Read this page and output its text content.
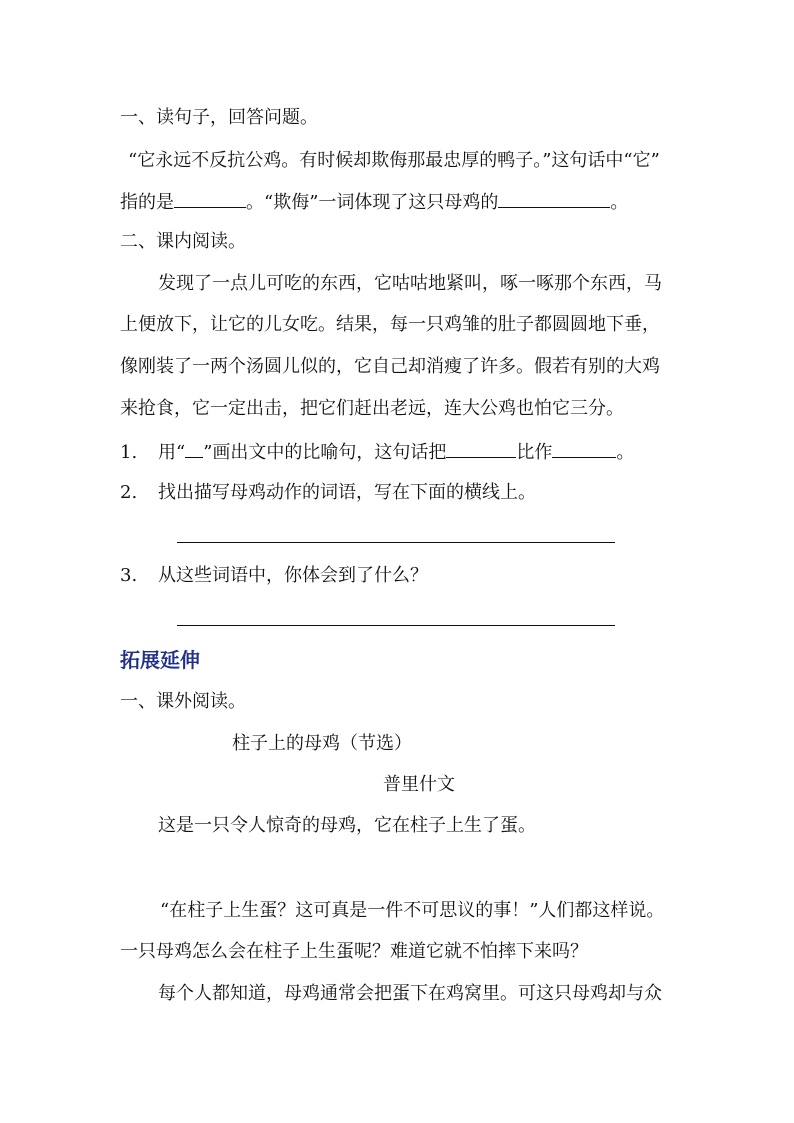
一、读句子，回答问题。
“它永远不反抗公鸡。有时候却欺侮那最忠厚的鸭子。”这句话中“它”
指的是	。“欺侮”一词体现了这只母鸡的	。
二、课内阅读。
发现了一点儿可吃的东西，它咕咕地紧叫，啄一啄那个东西，马
上便放下，让它的儿女吃。结果，每一只鸡雏的肚子都圆圆地下垂，
像刚装了一两个汤圆儿似的，它自己却消瘦了许多。假若有别的大鸡
来抢食，它一定出击，把它们赶出老远，连大公鸡也怕它三分。
1. 用“ ”画出文中的比喻句，这句话把	比作	。
2. 找出描写母鸡动作的词语，写在下面的横线上。
3. 从这些词语中，你体会到了什么？
拓展延伸
一、课外阅读。
柱子上的母鸡（节选）
普里什文
这是一只令人惊奇的母鸡，它在柱子上生了蛋。
“在柱子上生蛋？这可真是一件不可思议的事！”人们都这样说。
一只母鸡怎么会在柱子上生蛋呢？难道它就不怕摔下来吗？
每个人都知道，母鸡通常会把蛋下在鸡窝里。可这只母鸡却与众
